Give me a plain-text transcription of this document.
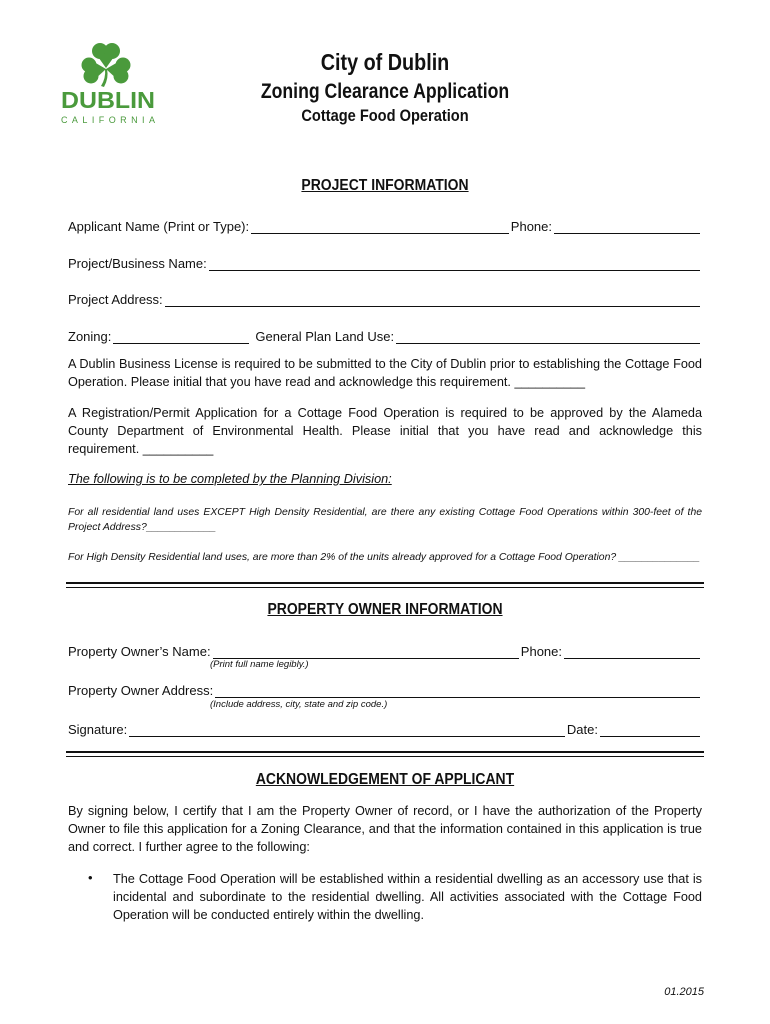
DUBLIN
CALIFORNIA
City of Dublin
Zoning Clearance Application
Cottage Food Operation
PROJECT INFORMATION
Applicant Name (Print or Type):	Phone:
Project/Business Name:
Project Address:
Zoning:	General Plan Land Use:
A Dublin Business License is required to be submitted to the City of Dublin prior to establishing the Cottage Food Operation. Please initial that you have read and acknowledge this requirement. __________
A Registration/Permit Application for a Cottage Food Operation is required to be approved by the Alameda County Department of Environmental Health. Please initial that you have read and acknowledge this requirement. __________
The following is to be completed by the Planning Division:
For all residential land uses EXCEPT High Density Residential, are there any existing Cottage Food Operations within 300-feet of the Project Address?____________
For High Density Residential land uses, are more than 2% of the units already approved for a Cottage Food Operation? ______________
PROPERTY OWNER INFORMATION
Property Owner’s Name:	Phone:
(Print full name legibly.)
Property Owner Address:
(Include address, city, state and zip code.)
Signature:	Date:
ACKNOWLEDGEMENT OF APPLICANT
By signing below, I certify that I am the Property Owner of record, or I have the authorization of the Property Owner to file this application for a Zoning Clearance, and that the information contained in this application is true and correct. I further agree to the following:
• The Cottage Food Operation will be established within a residential dwelling as an accessory use that is incidental and subordinate to the residential dwelling. All activities associated with the Cottage Food Operation will be conducted entirely within the dwelling.
01.2015
